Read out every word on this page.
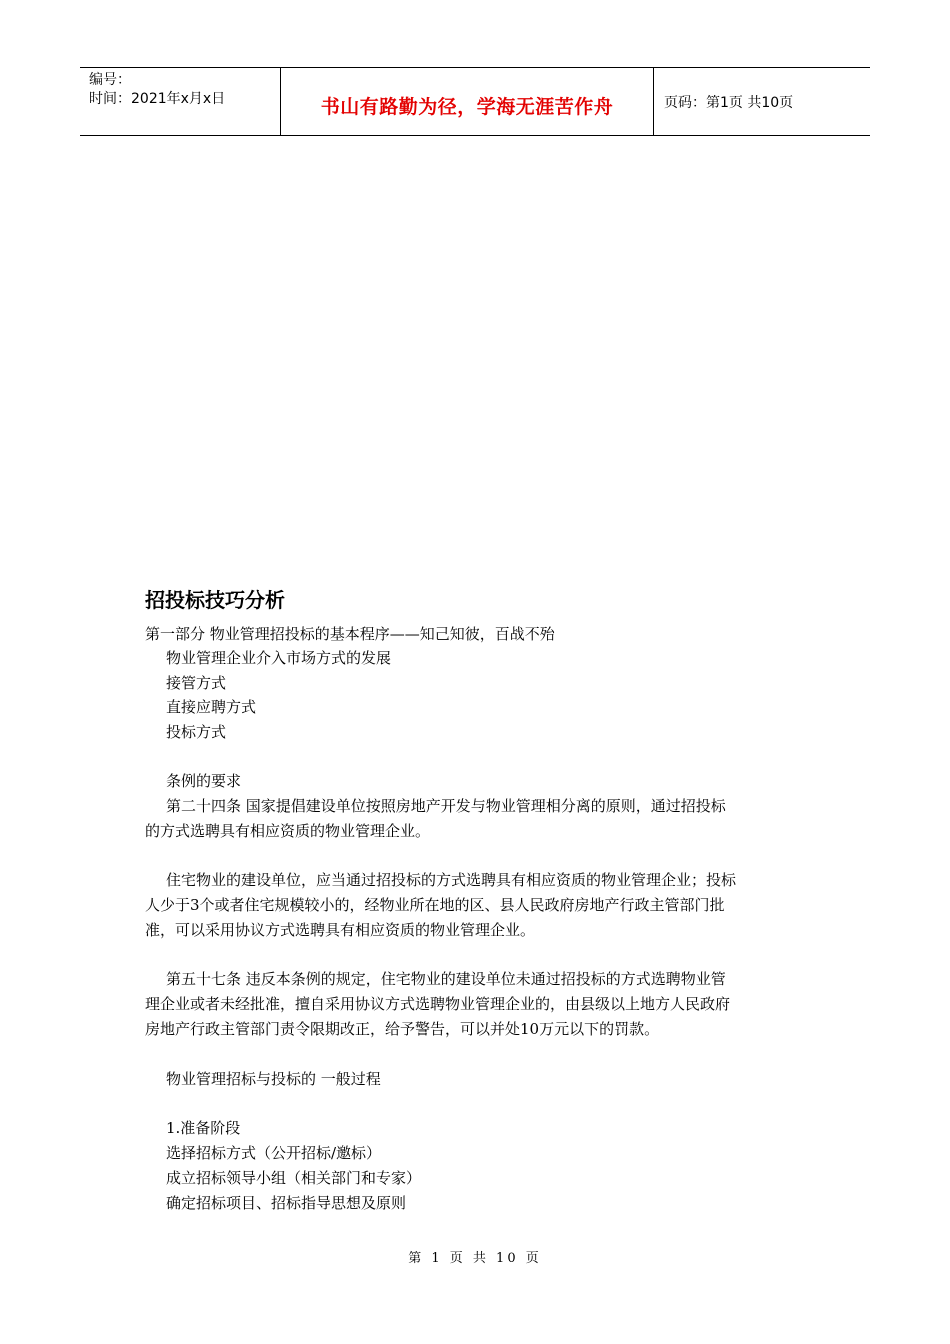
编号：
时间：2021年x月x日	书山有路勤为径，学海无涯苦作舟	页码：第1页 共10页
招投标技巧分析
第一部分 物业管理招投标的基本程序——知己知彼，百战不殆
物业管理企业介入市场方式的发展
接管方式
直接应聘方式
投标方式
条例的要求
第二十四条 国家提倡建设单位按照房地产开发与物业管理相分离的原则，通过招投标
的方式选聘具有相应资质的物业管理企业。
住宅物业的建设单位，应当通过招投标的方式选聘具有相应资质的物业管理企业；投标
人少于3个或者住宅规模较小的，经物业所在地的区、县人民政府房地产行政主管部门批
准，可以采用协议方式选聘具有相应资质的物业管理企业。
第五十七条 违反本条例的规定，住宅物业的建设单位未通过招投标的方式选聘物业管
理企业或者未经批准，擅自采用协议方式选聘物业管理企业的，由县级以上地方人民政府
房地产行政主管部门责令限期改正，给予警告，可以并处10万元以下的罚款。
物业管理招标与投标的 一般过程
1.准备阶段
选择招标方式（公开招标/邀标）
成立招标领导小组（相关部门和专家）
确定招标项目、招标指导思想及原则
第 1 页 共 10 页
